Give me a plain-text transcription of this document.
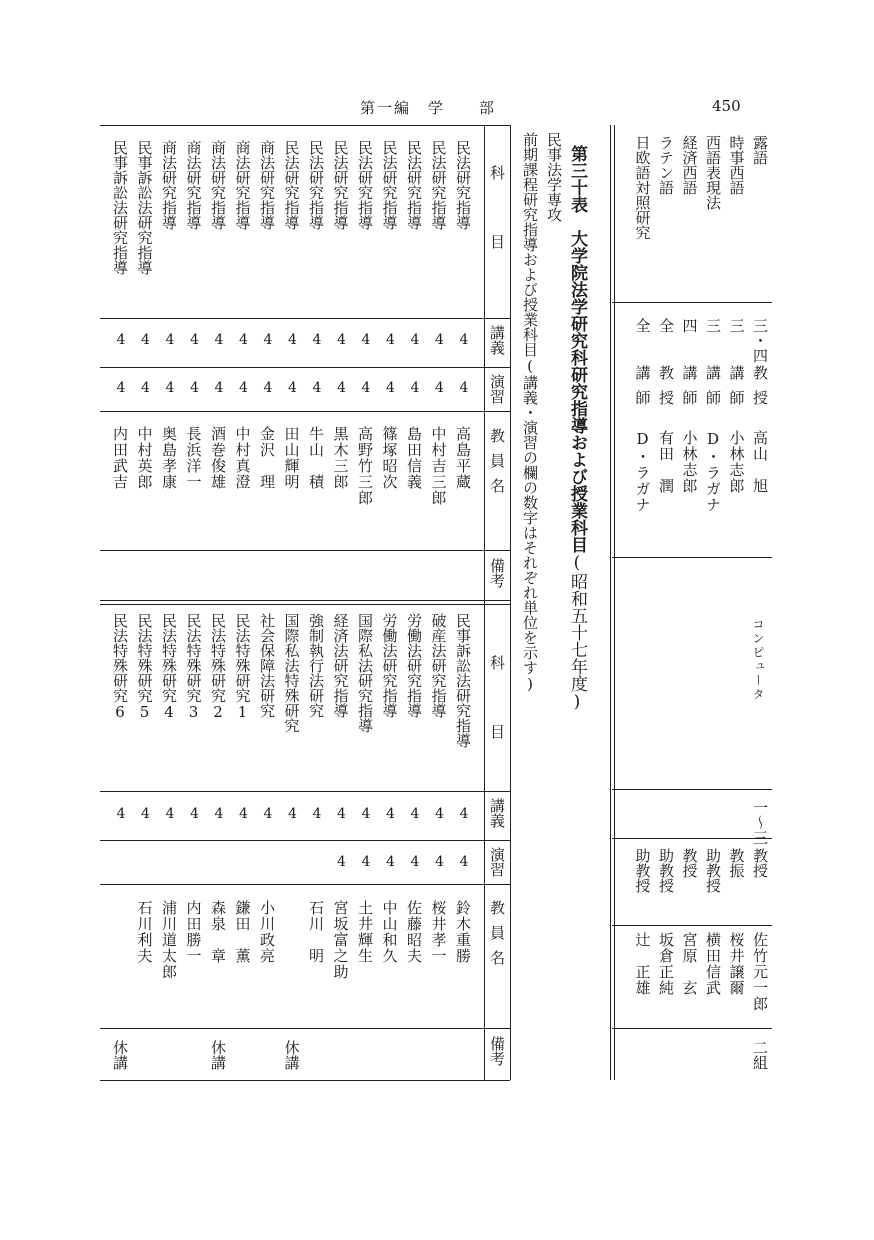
第一編　学　　部	450
第三十表　大学院法学研究科研究指導および授業科目(昭和五十七年度)
民事法学専攻
前期課程研究指導および授業科目(講義・演習の欄の数字はそれぞれ単位を示す)
科　　目
講義
演習
教員名
備考
科　　目
講義
演習
教員名
備考
民法研究指導
4
4
高島平蔵
民法研究指導
4
4
中村吉三郎
民法研究指導
4
4
島田信義
民法研究指導
4
4
篠塚昭次
民法研究指導
4
4
高野竹三郎
民法研究指導
4
4
黒木三郎
民法研究指導
4
4
牛山　積
民法研究指導
4
4
田山輝明
商法研究指導
4
4
金沢　理
商法研究指導
4
4
中村真澄
商法研究指導
4
4
酒巻俊雄
商法研究指導
4
4
長浜洋一
商法研究指導
4
4
奥島孝康
民事訴訟法研究指導
4
4
中村英郎
民事訴訟法研究指導
4
4
内田武吉
民事訴訟法研究指導
4
4
鈴木重勝
破産法研究指導
4
4
桜井孝一
労働法研究指導
4
4
佐藤昭夫
労働法研究指導
4
4
中山和久
国際私法研究指導
4
4
土井輝生
経済法研究指導
4
4
宮坂富之助
強制執行法研究
4
石川　明
国際私法特殊研究
4
休講
社会保障法研究
4
小川政亮
民法特殊研究1
4
鎌田　薫
民法特殊研究2
4
森泉　章
休講
民法特殊研究3
4
内田勝一
民法特殊研究4
4
浦川道太郎
民法特殊研究5
4
石川利夫
民法特殊研究6
4
休講
露語
三・四
教授
高山　旭
時事西語
三
講師
小林志郎
西語表現法
三
講師
D・ラガナ
経済西語
四
講師
小林志郎
ラテン語
全
教授
有田　潤
日欧語対照研究
全
講師
D・ラガナ
コンピュータ
一〜三
教授
佐竹元一郎
二組
教振
桜井譲爾
助教授
横田信武
教授
宮原　玄
助教授
坂倉正純
助教授
辻　正雄
